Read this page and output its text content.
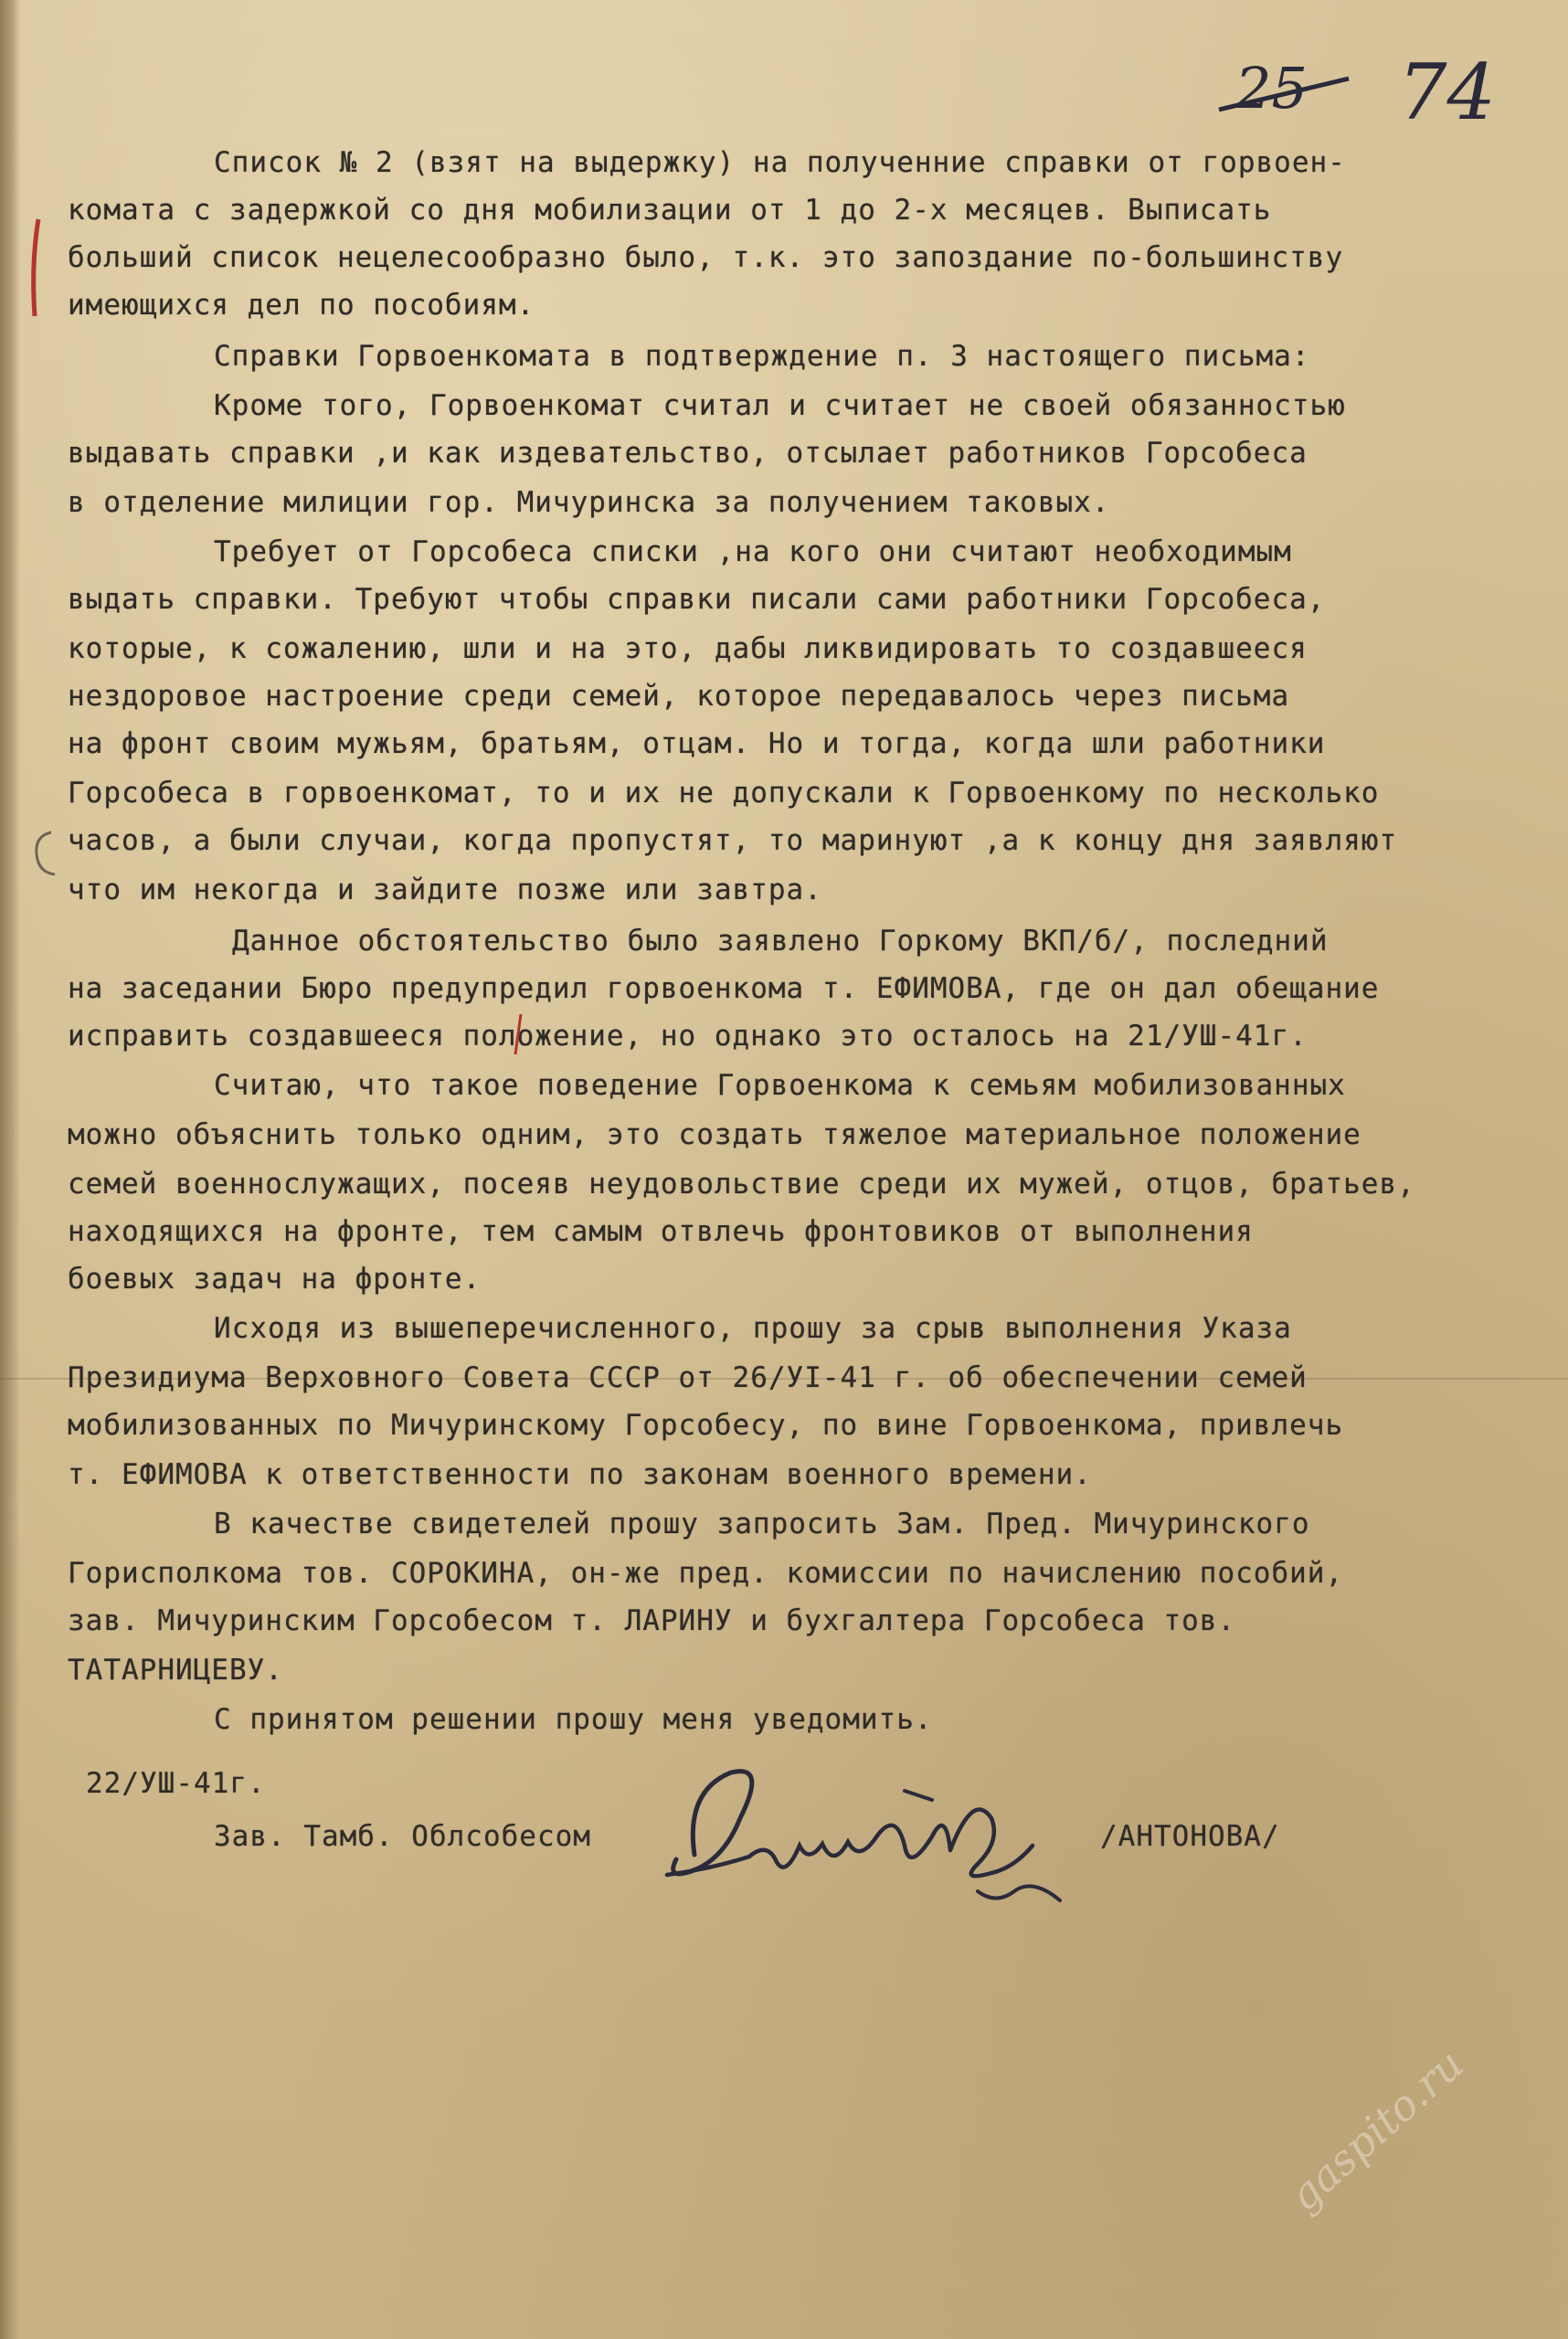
25 74
Список № 2 (взят на выдержку) на полученние справки от горвоен-
комата с задержкой со дня мобилизации от 1 до 2-х месяцев. Выписать
больший список нецелесообразно было, т.к. это запоздание по-большинству
имеющихся дел по пособиям.
Справки Горвоенкомата в подтверждение п. 3 настоящего письма:
Кроме того, Горвоенкомат считал и считает не своей обязанностью
выдавать справки ,и как издевательство, отсылает работников Горсобеса
в отделение милиции гор. Мичуринска за получением таковых.
Требует от Горсобеса списки ,на кого они считают необходимым
выдать справки. Требуют чтобы справки писали сами работники Горсобеса,
которые, к сожалению, шли и на это, дабы ликвидировать то создавшееся
нездоровое настроение среди семей, которое передавалось через письма
на фронт своим мужьям, братьям, отцам. Но и тогда, когда шли работники
Горсобеса в горвоенкомат, то и их не допускали к Горвоенкому по несколько
часов, а были случаи, когда пропустят, то маринуют ,а к концу дня заявляют
что им некогда и зайдите позже или завтра.
Данное обстоятельство было заявлено Горкому ВКП/б/, последний
на заседании Бюро предупредил горвоенкома т. ЕФИМОВА, где он дал обещание
исправить создавшееся положение, но однако это осталось на 21/УШ-41г.
Считаю, что такое поведение Горвоенкома к семьям мобилизованных
можно объяснить только одним, это создать тяжелое материальное положение
семей военнослужащих, посеяв неудовольствие среди их мужей, отцов, братьев,
находящихся на фронте, тем самым отвлечь фронтовиков от выполнения
боевых задач на фронте.
Исходя из вышеперечисленного, прошу за срыв выполнения Указа
Президиума Верховного Совета СССР от 26/УI-41 г. об обеспечении семей
мобилизованных по Мичуринскому Горсобесу, по вине Горвоенкома, привлечь
т. ЕФИМОВА к ответственности по законам военного времени.
В качестве свидетелей прошу запросить Зам. Пред. Мичуринского
Горисполкома тов. СОРОКИНА, он-же пред. комиссии по начислению пособий,
зав. Мичуринским Горсобесом т. ЛАРИНУ и бухгалтера Горсобеса тов.
ТАТАРНИЦЕВУ.
С принятом решении прошу меня уведомить.
22/УШ-41г.
Зав. Тамб. Облсобесом	/АНТОНОВА/
gaspito.ru
